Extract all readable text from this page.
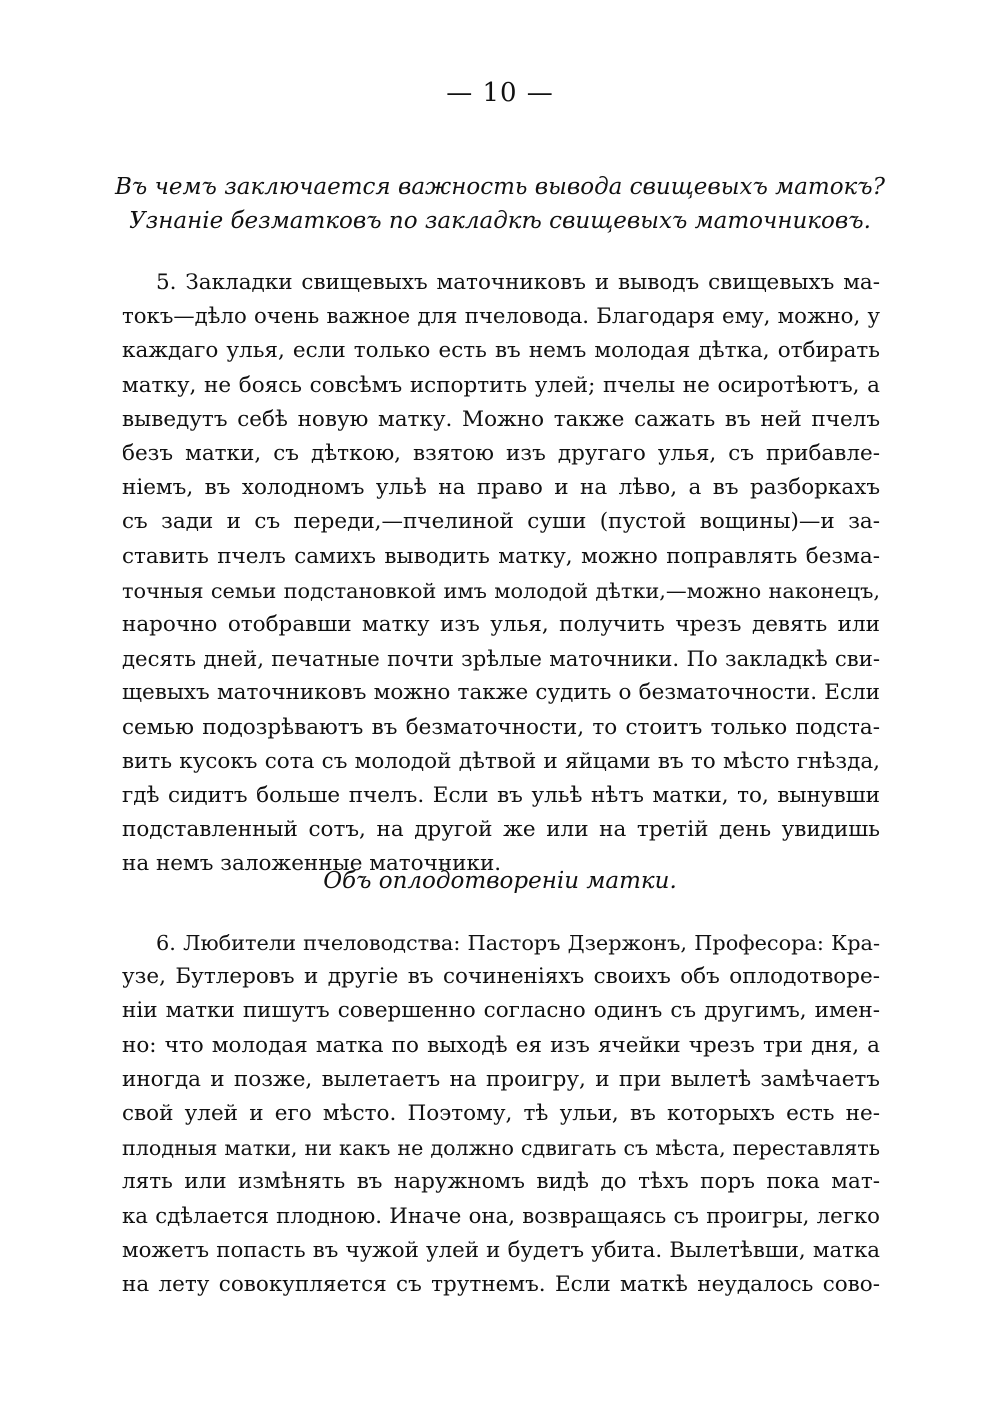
— 10 —
Въ чемъ заключается важность вывода свищевыхъ матокъ?
Узнаніе безматковъ по закладкѣ свищевыхъ маточниковъ.
5. Закладки свищевыхъ маточниковъ и выводъ свищевыхъ ма-
токъ—дѣло очень важное для пчеловода. Благодаря ему, можно, у
каждаго улья, если только есть въ немъ молодая дѣтка, отбирать
матку, не боясь совсѣмъ испортить улей; пчелы не осиротѣютъ, а
выведутъ себѣ новую матку. Можно также сажать въ ней пчелъ
безъ матки, съ дѣткою, взятою изъ другаго улья, съ прибавле-
ніемъ, въ холодномъ ульѣ на право и на лѣво, а въ разборкахъ
съ зади и съ переди,—пчелиной суши (пустой вощины)—и за-
ставить пчелъ самихъ выводить матку, можно поправлять безма-
точныя семьи подстановкой имъ молодой дѣтки,—можно наконецъ,
нарочно отобравши матку изъ улья, получить чрезъ девять или
десять дней, печатные почти зрѣлые маточники. По закладкѣ сви-
щевыхъ маточниковъ можно также судить о безматочности. Если
семью подозрѣваютъ въ безматочности, то стоитъ только подста-
вить кусокъ сота съ молодой дѣтвой и яйцами въ то мѣсто гнѣзда,
гдѣ сидитъ больше пчелъ. Если въ ульѣ нѣтъ матки, то, вынувши
подставленный сотъ, на другой же или на третій день увидишь
на немъ заложенные маточники.
Объ оплодотвореніи матки.
6. Любители пчеловодства: Пасторъ Дзержонъ, Професора: Кра-
узе, Бутлеровъ и другіе въ сочиненіяхъ своихъ объ оплодотворе-
ніи матки пишутъ совершенно согласно одинъ съ другимъ, имен-
но: что молодая матка по выходѣ ея изъ ячейки чрезъ три дня, а
иногда и позже, вылетаетъ на проигру, и при вылетѣ замѣчаетъ
свой улей и его мѣсто. Поэтому, тѣ ульи, въ которыхъ есть не-
плодныя матки, ни какъ не должно сдвигать съ мѣста, переставлять
лять или измѣнять въ наружномъ видѣ до тѣхъ поръ пока мат-
ка сдѣлается плодною. Иначе она, возвращаясь съ проигры, легко
можетъ попасть въ чужой улей и будетъ убита. Вылетѣвши, матка
на лету совокупляется съ трутнемъ. Если маткѣ неудалось сово-
